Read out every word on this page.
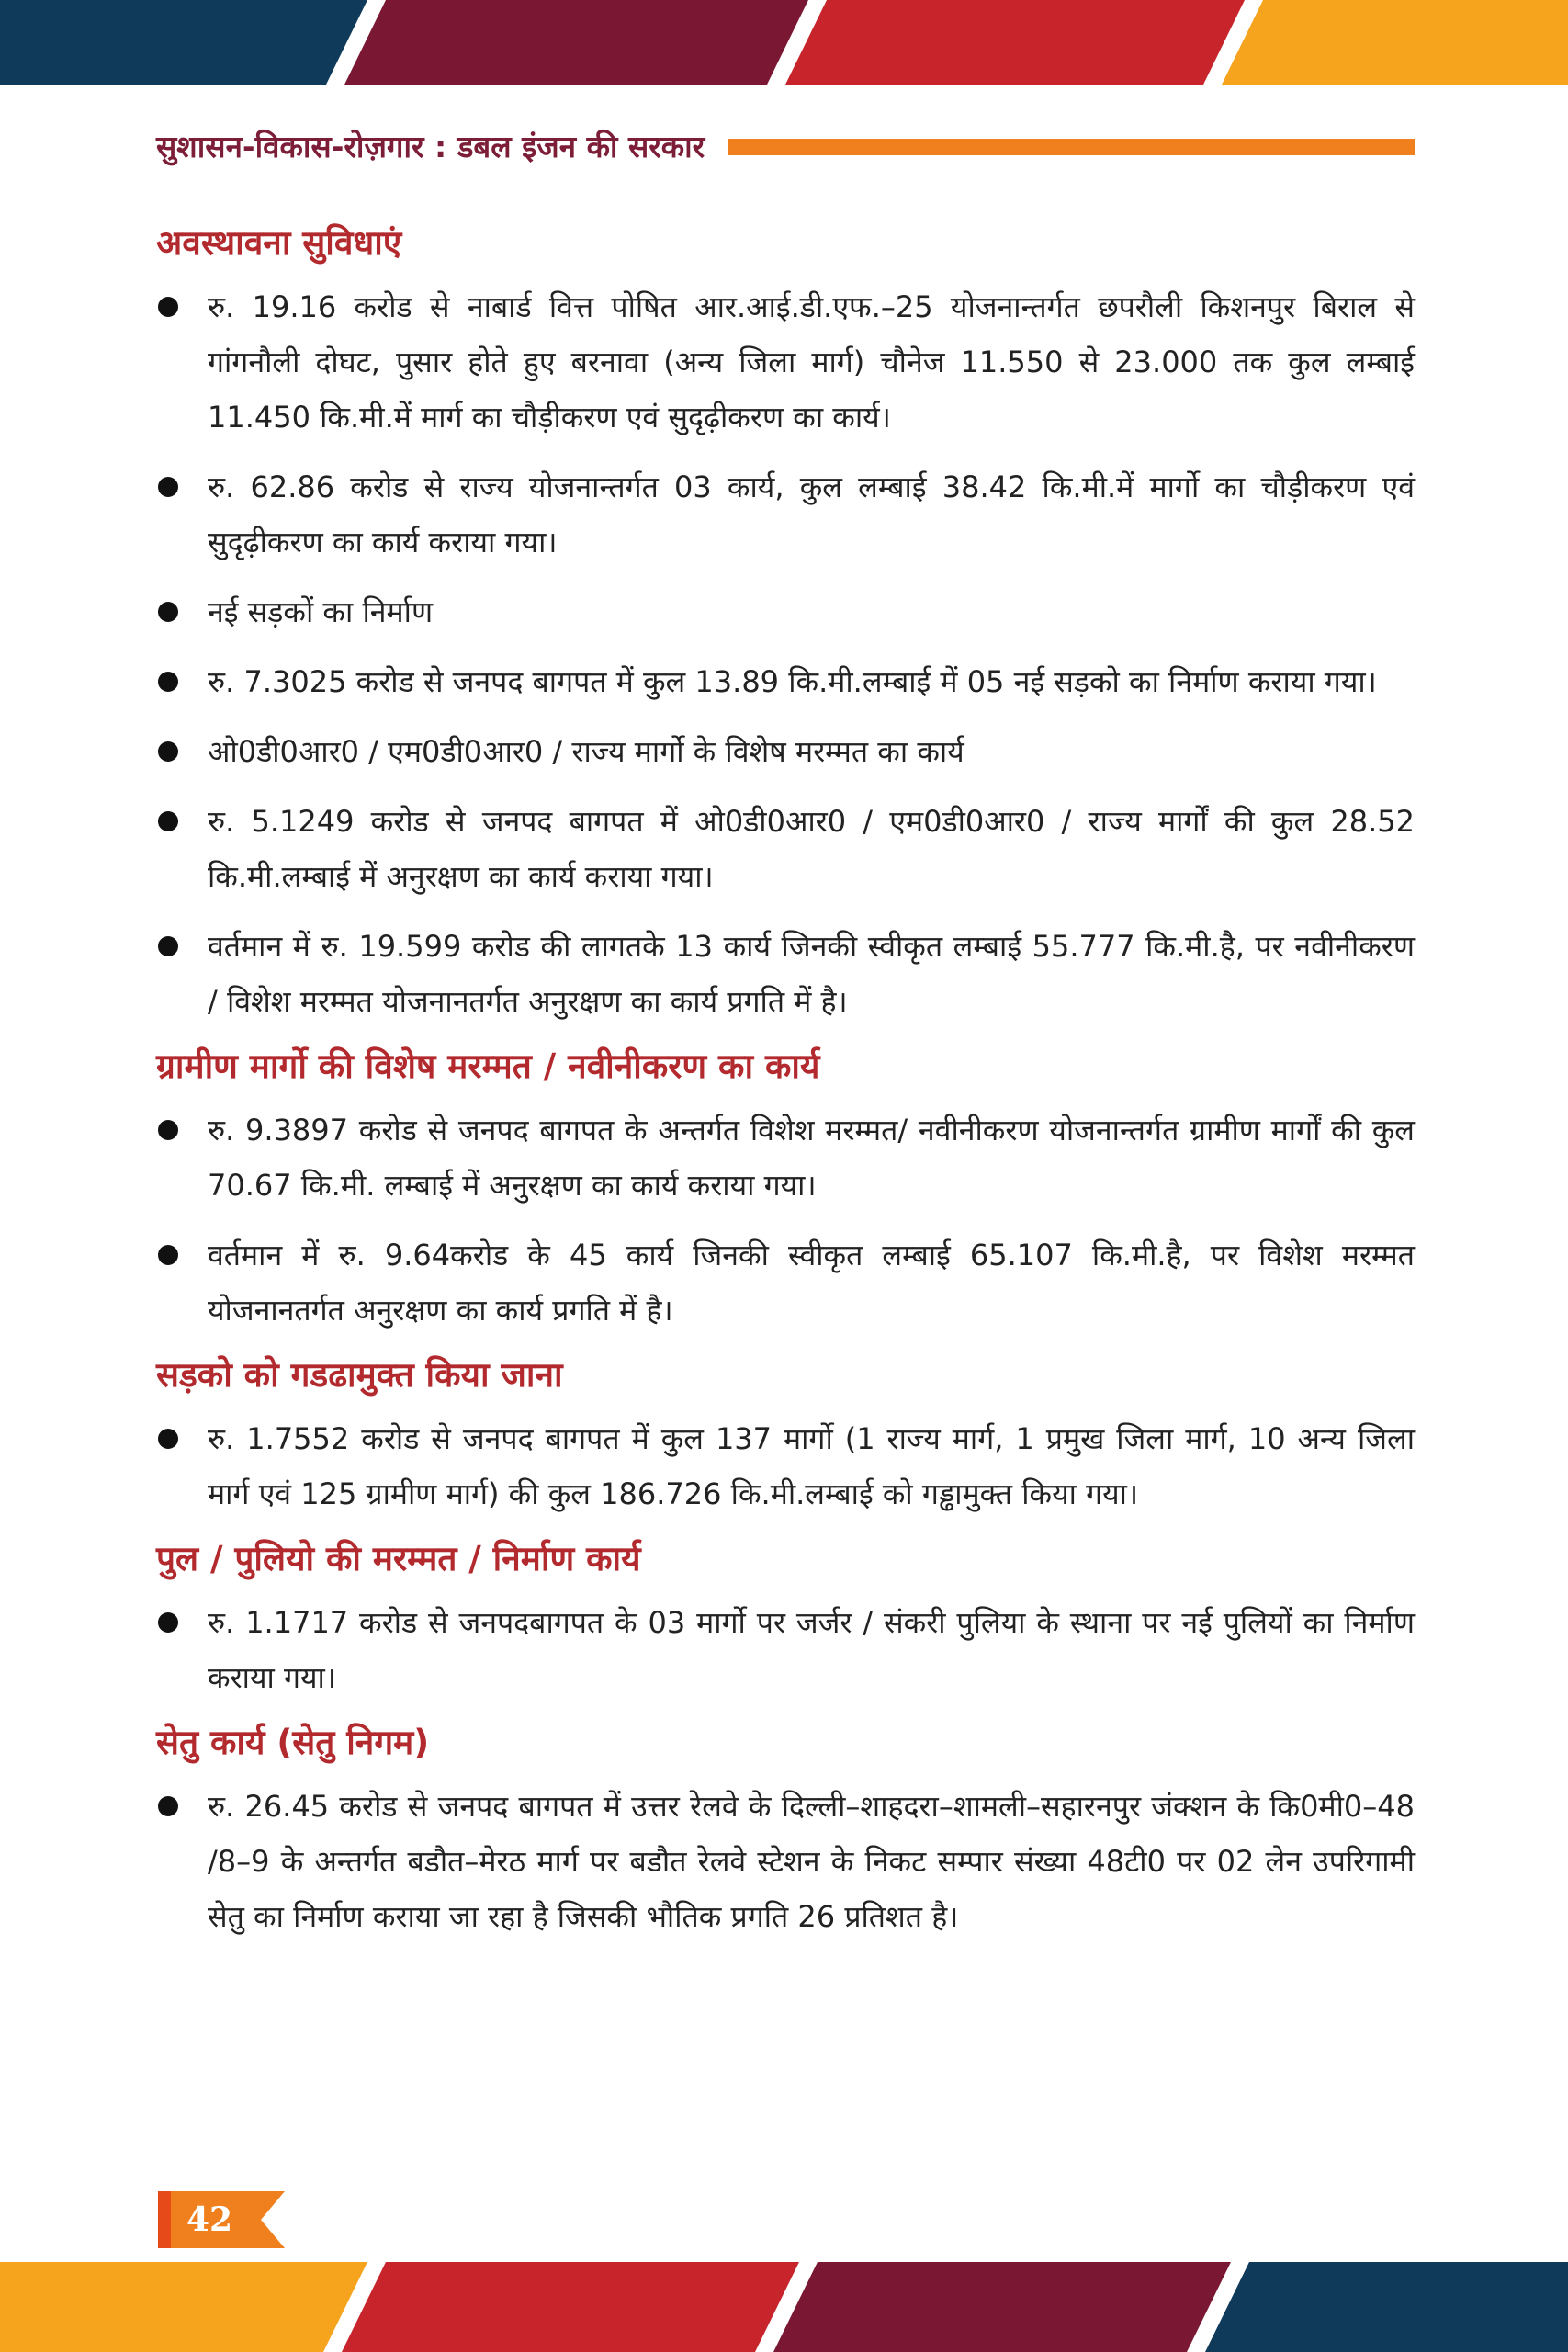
सुशासन-विकास-रोज़गार : डबल इंजन की सरकार
अवस्थावना सुविधाएं
रु. 19.16 करोड से नाबार्ड वित्त पोषित आर.आई.डी.एफ.–25 योजनान्तर्गत छपरौली किशनपुर बिराल से गांगनौली दोघट, पुसार होते हुए बरनावा (अन्य जिला मार्ग) चौनेज 11.550 से 23.000 तक कुल लम्बाई 11.450 कि.मी.में मार्ग का चौड़ीकरण एवं सुदृढ़ीकरण का कार्य।
रु. 62.86 करोड से राज्य योजनान्तर्गत 03 कार्य, कुल लम्बाई 38.42 कि.मी.में मार्गो का चौड़ीकरण एवं सुदृढ़ीकरण का कार्य कराया गया।
नई सड़कों का निर्माण
रु. 7.3025 करोड से जनपद बागपत में कुल 13.89 कि.मी.लम्बाई में 05 नई सड़को का निर्माण कराया गया।
ओ0डी0आर0 / एम0डी0आर0 / राज्य मार्गो के विशेष मरम्मत का कार्य
रु. 5.1249 करोड से जनपद बागपत में ओ0डी0आर0 / एम0डी0आर0 / राज्य मार्गों की कुल 28.52 कि.मी.लम्बाई में अनुरक्षण का कार्य कराया गया।
वर्तमान में रु. 19.599 करोड की लागतके 13 कार्य जिनकी स्वीकृत लम्बाई 55.777 कि.मी.है, पर नवीनीकरण / विशेश मरम्मत योजनानतर्गत अनुरक्षण का कार्य प्रगति में है।
ग्रामीण मार्गो की विशेष मरम्मत / नवीनीकरण का कार्य
रु. 9.3897 करोड से जनपद बागपत के अन्तर्गत विशेश मरम्मत/ नवीनीकरण योजनान्तर्गत ग्रामीण मार्गों की कुल 70.67 कि.मी. लम्बाई में अनुरक्षण का कार्य कराया गया।
वर्तमान में रु. 9.64करोड के 45 कार्य जिनकी स्वीकृत लम्बाई 65.107 कि.मी.है, पर विशेश मरम्मत योजनानतर्गत अनुरक्षण का कार्य प्रगति में है।
सड़को को गडढामुक्त किया जाना
रु. 1.7552 करोड से जनपद बागपत में कुल 137 मार्गो (1 राज्य मार्ग, 1 प्रमुख जिला मार्ग, 10 अन्य जिला मार्ग एवं 125 ग्रामीण मार्ग) की कुल 186.726 कि.मी.लम्बाई को गड्ढामुक्त किया गया।
पुल / पुलियो की मरम्मत / निर्माण कार्य
रु. 1.1717 करोड से जनपदबागपत के 03 मार्गो पर जर्जर / संकरी पुलिया के स्थाना पर नई पुलियों का निर्माण कराया गया।
सेतु कार्य (सेतु निगम)
रु. 26.45 करोड से जनपद बागपत में उत्तर रेलवे के दिल्ली–शाहदरा–शामली–सहारनपुर जंक्शन के कि0मी0–48 /8–9 के अन्तर्गत बडौत–मेरठ मार्ग पर बडौत रेलवे स्टेशन के निकट सम्पार संख्या 48टी0 पर 02 लेन उपरिगामी सेतु का निर्माण कराया जा रहा है जिसकी भौतिक प्रगति 26 प्रतिशत है।
42
